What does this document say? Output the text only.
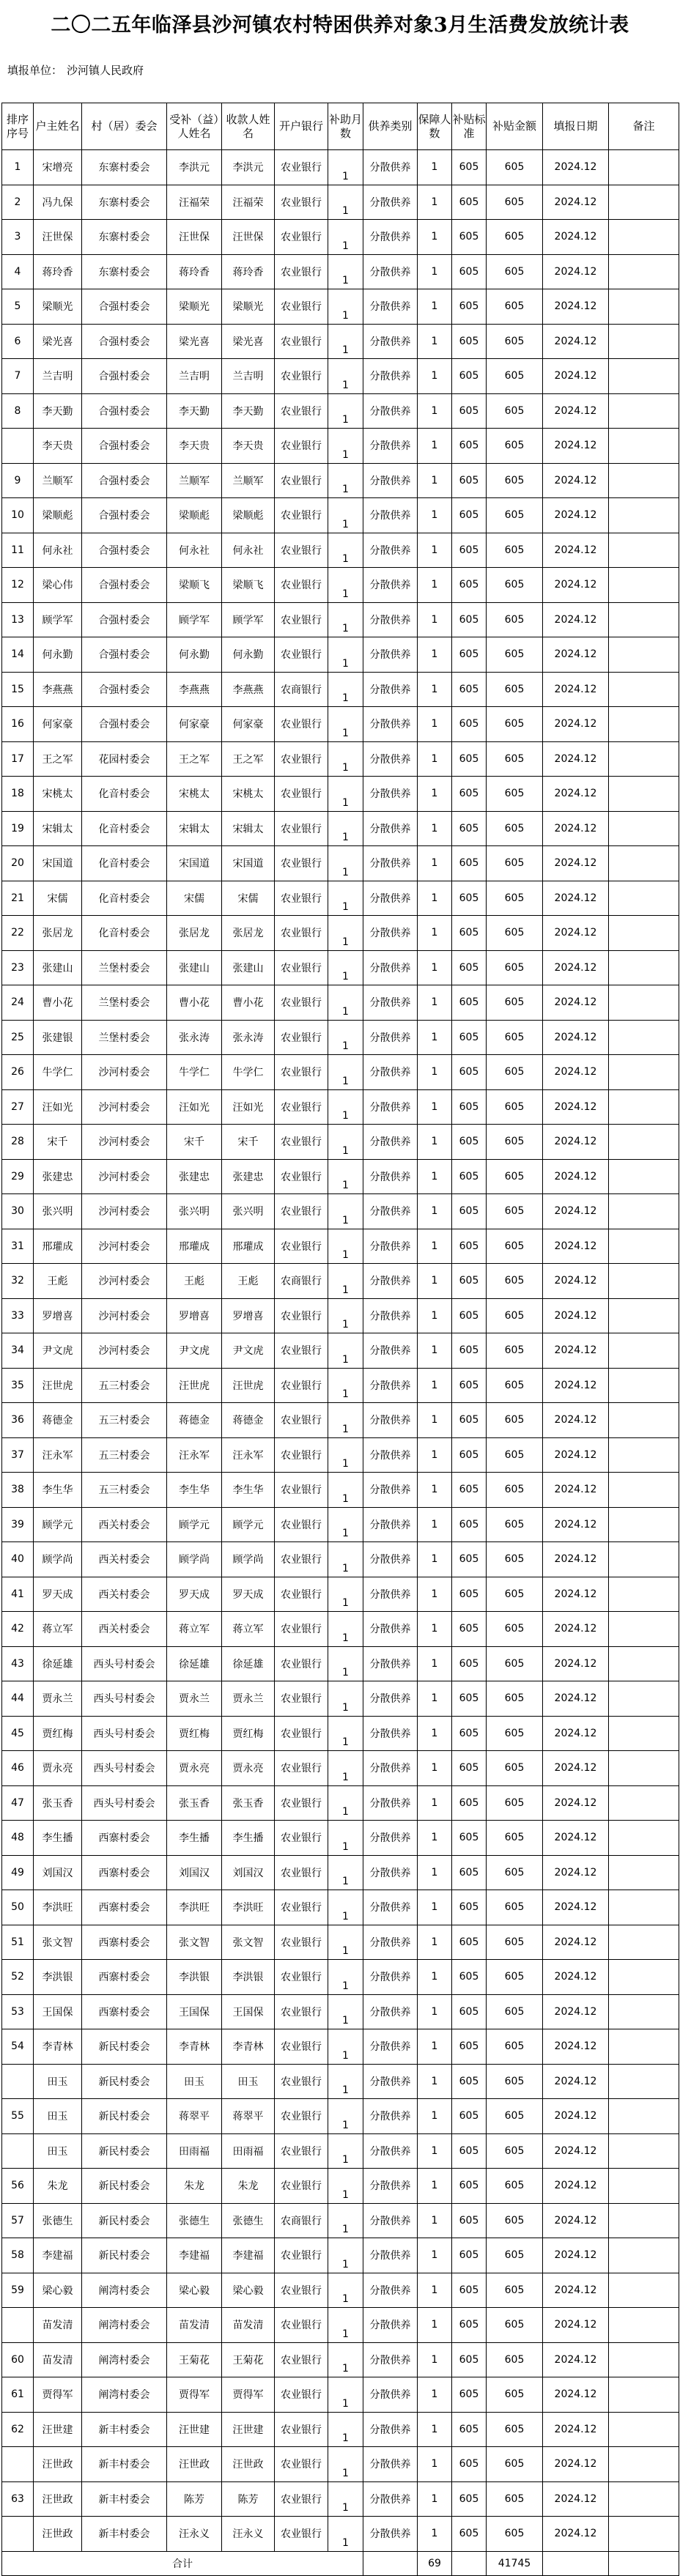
二〇二五年临泽县沙河镇农村特困供养对象3月生活费发放统计表
填报单位： 沙河镇人民政府
排序序号	户主姓名	村（居）委会	受补（益）人姓名	收款人姓名	开户银行	补助月数	供养类别	保障人数	补贴标准	补贴金额	填报日期	备注
1	宋增亮	东寨村委会	李洪元	李洪元	农业银行	1	分散供养	1	605	605	2024.12	
2	冯九保	东寨村委会	汪福荣	汪福荣	农业银行	1	分散供养	1	605	605	2024.12	
3	汪世保	东寨村委会	汪世保	汪世保	农业银行	1	分散供养	1	605	605	2024.12	
4	蒋玲香	东寨村委会	蒋玲香	蒋玲香	农业银行	1	分散供养	1	605	605	2024.12	
5	梁顺光	合强村委会	梁顺光	梁顺光	农业银行	1	分散供养	1	605	605	2024.12	
6	梁光喜	合强村委会	梁光喜	梁光喜	农业银行	1	分散供养	1	605	605	2024.12	
7	兰吉明	合强村委会	兰吉明	兰吉明	农业银行	1	分散供养	1	605	605	2024.12	
8	李天勤	合强村委会	李天勤	李天勤	农业银行	1	分散供养	1	605	605	2024.12	
	李天贵	合强村委会	李天贵	李天贵	农业银行	1	分散供养	1	605	605	2024.12	
9	兰顺军	合强村委会	兰顺军	兰顺军	农业银行	1	分散供养	1	605	605	2024.12	
10	梁顺彪	合强村委会	梁顺彪	梁顺彪	农业银行	1	分散供养	1	605	605	2024.12	
11	何永社	合强村委会	何永社	何永社	农业银行	1	分散供养	1	605	605	2024.12	
12	梁心伟	合强村委会	梁顺飞	梁顺飞	农业银行	1	分散供养	1	605	605	2024.12	
13	顾学军	合强村委会	顾学军	顾学军	农业银行	1	分散供养	1	605	605	2024.12	
14	何永勤	合强村委会	何永勤	何永勤	农业银行	1	分散供养	1	605	605	2024.12	
15	李燕燕	合强村委会	李燕燕	李燕燕	农商银行	1	分散供养	1	605	605	2024.12	
16	何家豪	合强村委会	何家豪	何家豪	农业银行	1	分散供养	1	605	605	2024.12	
17	王之军	花园村委会	王之军	王之军	农业银行	1	分散供养	1	605	605	2024.12	
18	宋桃太	化音村委会	宋桃太	宋桃太	农业银行	1	分散供养	1	605	605	2024.12	
19	宋辑太	化音村委会	宋辑太	宋辑太	农业银行	1	分散供养	1	605	605	2024.12	
20	宋国道	化音村委会	宋国道	宋国道	农业银行	1	分散供养	1	605	605	2024.12	
21	宋儒	化音村委会	宋儒	宋儒	农业银行	1	分散供养	1	605	605	2024.12	
22	张居龙	化音村委会	张居龙	张居龙	农业银行	1	分散供养	1	605	605	2024.12	
23	张建山	兰堡村委会	张建山	张建山	农业银行	1	分散供养	1	605	605	2024.12	
24	曹小花	兰堡村委会	曹小花	曹小花	农业银行	1	分散供养	1	605	605	2024.12	
25	张建银	兰堡村委会	张永涛	张永涛	农业银行	1	分散供养	1	605	605	2024.12	
26	牛学仁	沙河村委会	牛学仁	牛学仁	农业银行	1	分散供养	1	605	605	2024.12	
27	汪如光	沙河村委会	汪如光	汪如光	农业银行	1	分散供养	1	605	605	2024.12	
28	宋千	沙河村委会	宋千	宋千	农业银行	1	分散供养	1	605	605	2024.12	
29	张建忠	沙河村委会	张建忠	张建忠	农业银行	1	分散供养	1	605	605	2024.12	
30	张兴明	沙河村委会	张兴明	张兴明	农业银行	1	分散供养	1	605	605	2024.12	
31	邢瓘成	沙河村委会	邢瓘成	邢瓘成	农业银行	1	分散供养	1	605	605	2024.12	
32	王彪	沙河村委会	王彪	王彪	农商银行	1	分散供养	1	605	605	2024.12	
33	罗增喜	沙河村委会	罗增喜	罗增喜	农业银行	1	分散供养	1	605	605	2024.12	
34	尹文虎	沙河村委会	尹文虎	尹文虎	农业银行	1	分散供养	1	605	605	2024.12	
35	汪世虎	五三村委会	汪世虎	汪世虎	农业银行	1	分散供养	1	605	605	2024.12	
36	蒋德金	五三村委会	蒋德金	蒋德金	农业银行	1	分散供养	1	605	605	2024.12	
37	汪永军	五三村委会	汪永军	汪永军	农业银行	1	分散供养	1	605	605	2024.12	
38	李生华	五三村委会	李生华	李生华	农业银行	1	分散供养	1	605	605	2024.12	
39	顾学元	西关村委会	顾学元	顾学元	农业银行	1	分散供养	1	605	605	2024.12	
40	顾学尚	西关村委会	顾学尚	顾学尚	农业银行	1	分散供养	1	605	605	2024.12	
41	罗天成	西关村委会	罗天成	罗天成	农业银行	1	分散供养	1	605	605	2024.12	
42	蒋立军	西关村委会	蒋立军	蒋立军	农业银行	1	分散供养	1	605	605	2024.12	
43	徐延雄	西头号村委会	徐延雄	徐延雄	农业银行	1	分散供养	1	605	605	2024.12	
44	贾永兰	西头号村委会	贾永兰	贾永兰	农业银行	1	分散供养	1	605	605	2024.12	
45	贾红梅	西头号村委会	贾红梅	贾红梅	农业银行	1	分散供养	1	605	605	2024.12	
46	贾永亮	西头号村委会	贾永亮	贾永亮	农业银行	1	分散供养	1	605	605	2024.12	
47	张玉香	西头号村委会	张玉香	张玉香	农业银行	1	分散供养	1	605	605	2024.12	
48	李生播	西寨村委会	李生播	李生播	农业银行	1	分散供养	1	605	605	2024.12	
49	刘国汉	西寨村委会	刘国汉	刘国汉	农业银行	1	分散供养	1	605	605	2024.12	
50	李洪旺	西寨村委会	李洪旺	李洪旺	农业银行	1	分散供养	1	605	605	2024.12	
51	张文智	西寨村委会	张文智	张文智	农业银行	1	分散供养	1	605	605	2024.12	
52	李洪银	西寨村委会	李洪银	李洪银	农业银行	1	分散供养	1	605	605	2024.12	
53	王国保	西寨村委会	王国保	王国保	农业银行	1	分散供养	1	605	605	2024.12	
54	李青林	新民村委会	李青林	李青林	农业银行	1	分散供养	1	605	605	2024.12	
	田玉	新民村委会	田玉	田玉	农业银行	1	分散供养	1	605	605	2024.12	
55	田玉	新民村委会	蒋翠平	蒋翠平	农业银行	1	分散供养	1	605	605	2024.12	
	田玉	新民村委会	田雨福	田雨福	农业银行	1	分散供养	1	605	605	2024.12	
56	朱龙	新民村委会	朱龙	朱龙	农业银行	1	分散供养	1	605	605	2024.12	
57	张德生	新民村委会	张德生	张德生	农商银行	1	分散供养	1	605	605	2024.12	
58	李建福	新民村委会	李建福	李建福	农业银行	1	分散供养	1	605	605	2024.12	
59	梁心毅	阐湾村委会	梁心毅	梁心毅	农业银行	1	分散供养	1	605	605	2024.12	
	苗发清	阐湾村委会	苗发清	苗发清	农业银行	1	分散供养	1	605	605	2024.12	
60	苗发清	阐湾村委会	王菊花	王菊花	农业银行	1	分散供养	1	605	605	2024.12	
61	贾得军	阐湾村委会	贾得军	贾得军	农业银行	1	分散供养	1	605	605	2024.12	
62	汪世建	新丰村委会	汪世建	汪世建	农业银行	1	分散供养	1	605	605	2024.12	
	汪世政	新丰村委会	汪世政	汪世政	农业银行	1	分散供养	1	605	605	2024.12	
63	汪世政	新丰村委会	陈芳	陈芳	农业银行	1	分散供养	1	605	605	2024.12	
	汪世政	新丰村委会	汪永义	汪永义	农业银行	1	分散供养	1	605	605	2024.12	
合计								69		41745		
